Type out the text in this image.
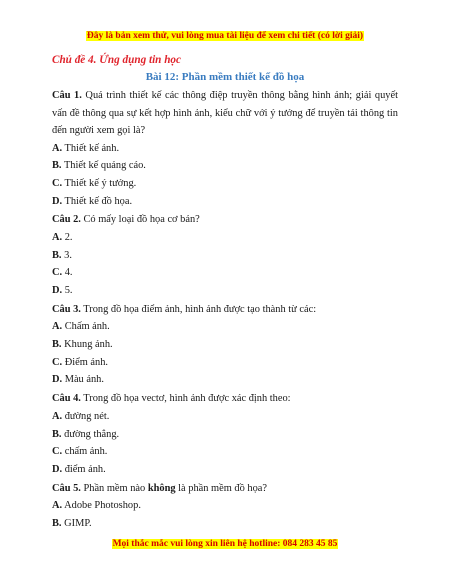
Đây là bản xem thử, vui lòng mua tài liệu để xem chi tiết (có lời giải)
Chủ đề 4. Ứng dụng tin học
Bài 12: Phần mềm thiết kế đồ họa
Câu 1. Quá trình thiết kế các thông điệp truyền thông bằng hình ảnh; giải quyết vấn đề thông qua sự kết hợp hình ảnh, kiểu chữ với ý tưởng để truyền tải thông tin đến người xem gọi là?
A. Thiết kế ảnh.
B. Thiết kế quảng cáo.
C. Thiết kế ý tưởng.
D. Thiết kế đồ họa.
Câu 2. Có mấy loại đồ họa cơ bản?
A. 2.
B. 3.
C. 4.
D. 5.
Câu 3. Trong đồ họa điểm ảnh, hình ảnh được tạo thành từ các:
A. Chấm ảnh.
B. Khung ảnh.
C. Điểm ảnh.
D. Màu ảnh.
Câu 4. Trong đồ họa vectơ, hình ảnh được xác định theo:
A. đường nét.
B. đường thẳng.
C. chấm ảnh.
D. điểm ảnh.
Câu 5. Phần mềm nào không là phần mềm đồ họa?
A. Adobe Photoshop.
B. GIMP.
Mọi thắc mắc vui lòng xin liên hệ hotline: 084 283 45 85
